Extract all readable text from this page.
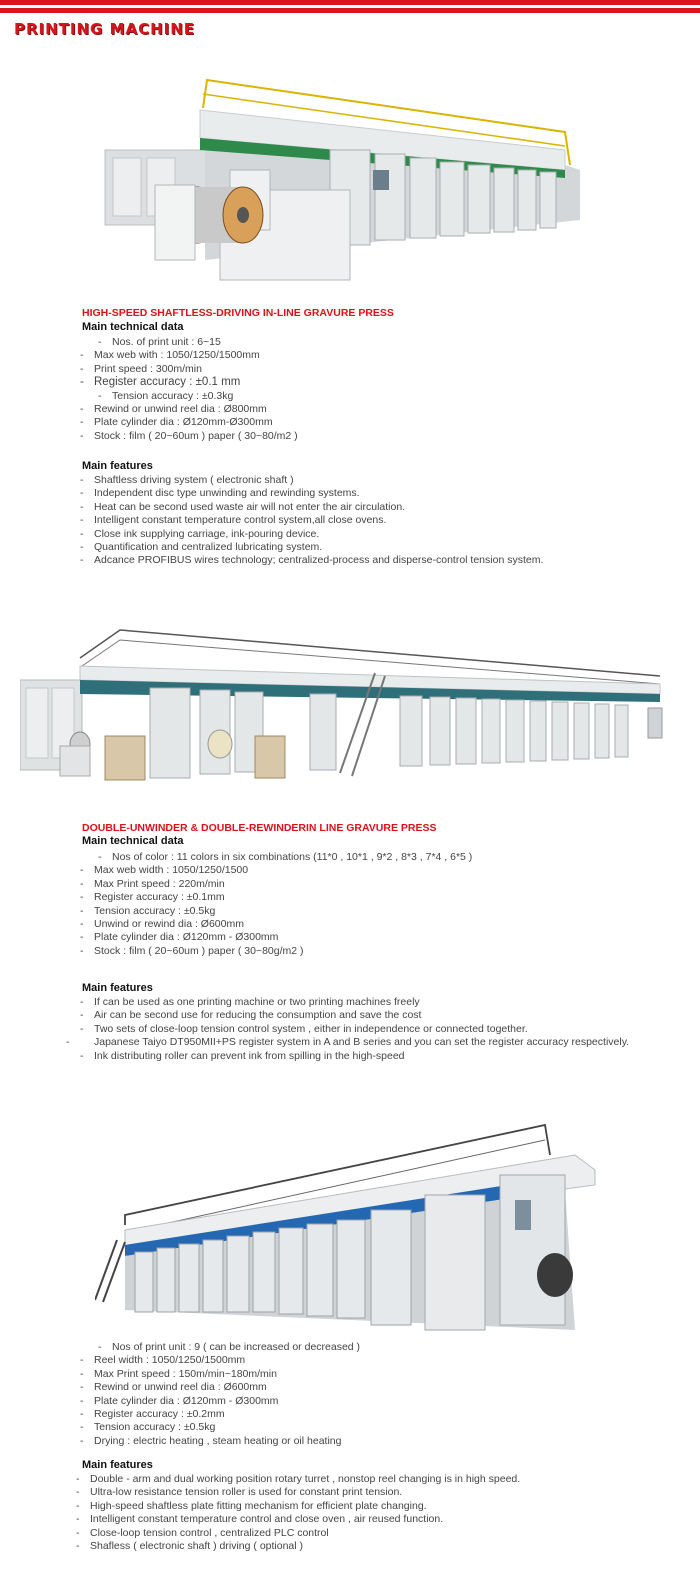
PRINTING MACHINE
HIGH-SPEED SHAFTLESS-DRIVING IN-LINE GRAVURE PRESS
Main technical data
- Nos. of print unit : 6~15
- Max web with : 1050/1250/1500mm
- Print speed : 300m/min
- Register accuracy : ±0.1 mm
- Tension accuracy : ±0.3kg
- Rewind or unwind reel dia : Ø800mm
- Plate cylinder dia : Ø120mm-Ø300mm
- Stock : film ( 20~60um ) paper ( 30~80/m2 )
Main features
- Shaftless driving system ( electronic shaft )
- Independent disc type unwinding and rewinding systems.
- Heat can be second used waste air will not enter the air circulation.
- Intelligent constant temperature control system,all close ovens.
- Close ink supplying carriage, ink-pouring device.
- Quantification and centralized lubricating system.
- Adcance PROFIBUS wires technology; centralized-process and disperse-control tension system.
DOUBLE-UNWINDER & DOUBLE-REWINDERIN LINE GRAVURE PRESS
Main technical data
- Nos of color : 11 colors in six combinations (11*0 , 10*1 , 9*2 , 8*3 , 7*4 , 6*5 )
- Max web width : 1050/1250/1500
- Max Print speed : 220m/min
- Register accuracy : ±0.1mm
- Tension accuracy : ±0.5kg
- Unwind or rewind dia : Ø600mm
- Plate cylinder dia : Ø120mm - Ø300mm
- Stock : film ( 20~60um ) paper ( 30~80g/m2 )
Main features
- If can be used as one printing machine or two printing machines freely
- Air can be second use for reducing the consumption and save the cost
- Two sets of close-loop tension control system , either in independence or connected together.
- Japanese Taiyo DT950MII+PS register system in A and B series and you can set the register accuracy respectively.
- Ink distributing roller can prevent ink from spilling in the high-speed
- Nos of print unit : 9 ( can be increased or decreased )
- Reel width : 1050/1250/1500mm
- Max Print speed : 150m/min~180m/min
- Rewind or unwind reel dia : Ø600mm
- Plate cylinder dia : Ø120mm - Ø300mm
- Register accuracy : ±0.2mm
- Tension accuracy : ±0.5kg
- Drying : electric heating , steam heating or oil heating
Main features
- Double - arm and dual working position rotary turret , nonstop reel changing is in high speed.
- Ultra-low resistance tension roller is used for constant print tension.
- High-speed shaftless plate fitting mechanism for efficient plate changing.
- Intelligent constant temperature control and close oven , air reused function.
- Close-loop tension control , centralized PLC control
- Shafless ( electronic shaft ) driving ( optional )
